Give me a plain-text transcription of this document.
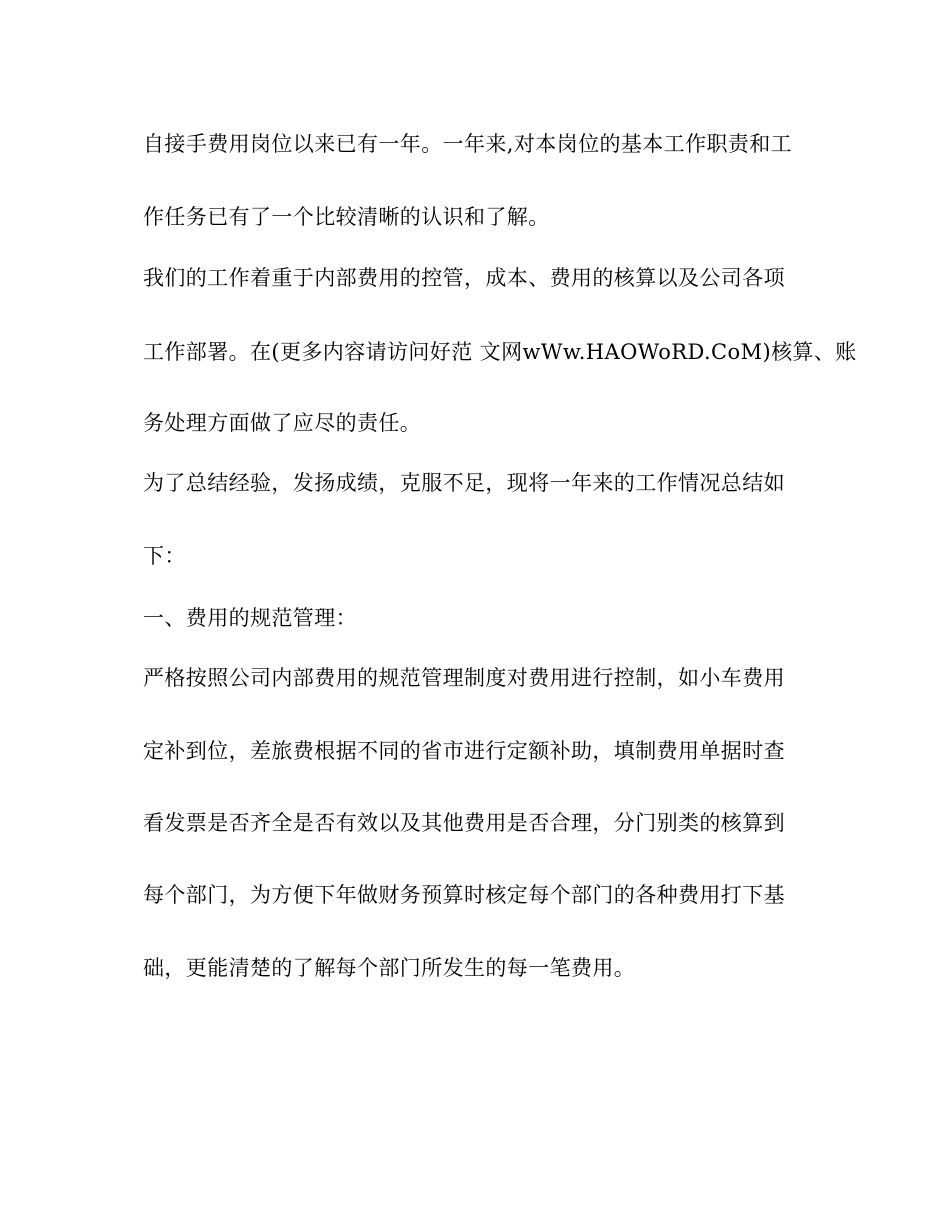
自接手费用岗位以来已有一年。一年来,对本岗位的基本工作职责和工

作任务已有了一个比较清晰的认识和了解。

我们的工作着重于内部费用的控管，成本、费用的核算以及公司各项

工作部署。在(更多内容请访问好范 文网wWw.HAOWoRD.CoM)核算、账

务处理方面做了应尽的责任。

为了总结经验，发扬成绩，克服不足，现将一年来的工作情况总结如

下：

一、费用的规范管理：

严格按照公司内部费用的规范管理制度对费用进行控制，如小车费用

定补到位，差旅费根据不同的省市进行定额补助，填制费用单据时查

看发票是否齐全是否有效以及其他费用是否合理，分门别类的核算到

每个部门，为方便下年做财务预算时核定每个部门的各种费用打下基

础，更能清楚的了解每个部门所发生的每一笔费用。
